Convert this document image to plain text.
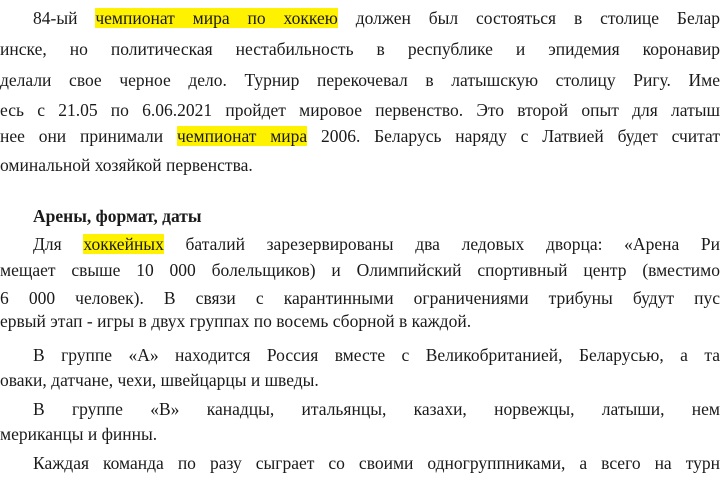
84-ый чемпионат мира по хоккею должен был состояться в столице Белар
инске, но политическая нестабильность в республике и эпидемия коронавир
делали свое черное дело. Турнир перекочевал в латышскую столицу Ригу. Име
есь с 21.05 по 6.06.2021 пройдет мировое первенство. Это второй опыт для латыш
нее они принимали чемпионат мира 2006. Беларусь наряду с Латвией будет считат
оминальной хозяйкой первенства.
Арены, формат, даты
Для хоккейных баталий зарезервированы два ледовых дворца: «Арена Ри
мещает свыше 10 000 болельщиков) и Олимпийский спортивный центр (вместимо
6 000 человек). В связи с карантинными ограничениями трибуны будут пус
ервый этап - игры в двух группах по восемь сборной в каждой.
В группе «А» находится Россия вместе с Великобританией, Беларусью, а та
оваки, датчане, чехи, швейцарцы и шведы.
В группе «В» канадцы, итальянцы, казахи, норвежцы, латыши, нем
мериканцы и финны.
Каждая команда по разу сыграет со своими одногруппниками, а всего на турн
